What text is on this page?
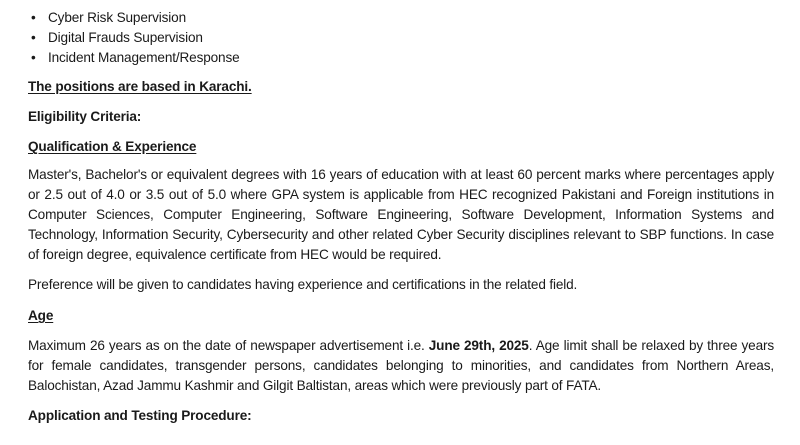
• Cyber Risk Supervision
• Digital Frauds Supervision
• Incident Management/Response
The positions are based in Karachi.
Eligibility Criteria:
Qualification & Experience

Master's, Bachelor's or equivalent degrees with 16 years of education with at least 60 percent marks where percentages apply or 2.5 out of 4.0 or 3.5 out of 5.0 where GPA system is applicable from HEC recognized Pakistani and Foreign institutions in Computer Sciences, Computer Engineering, Software Engineering, Software Development, Information Systems and Technology, Information Security, Cybersecurity and other related Cyber Security disciplines relevant to SBP functions. In case of foreign degree, equivalence certificate from HEC would be required.

Preference will be given to candidates having experience and certifications in the related field.

Age

Maximum 26 years as on the date of newspaper advertisement i.e. June 29th, 2025. Age limit shall be relaxed by three years for female candidates, transgender persons, candidates belonging to minorities, and candidates from Northern Areas, Balochistan, Azad Jammu Kashmir and Gilgit Baltistan, areas which were previously part of FATA.

Application and Testing Procedure:
